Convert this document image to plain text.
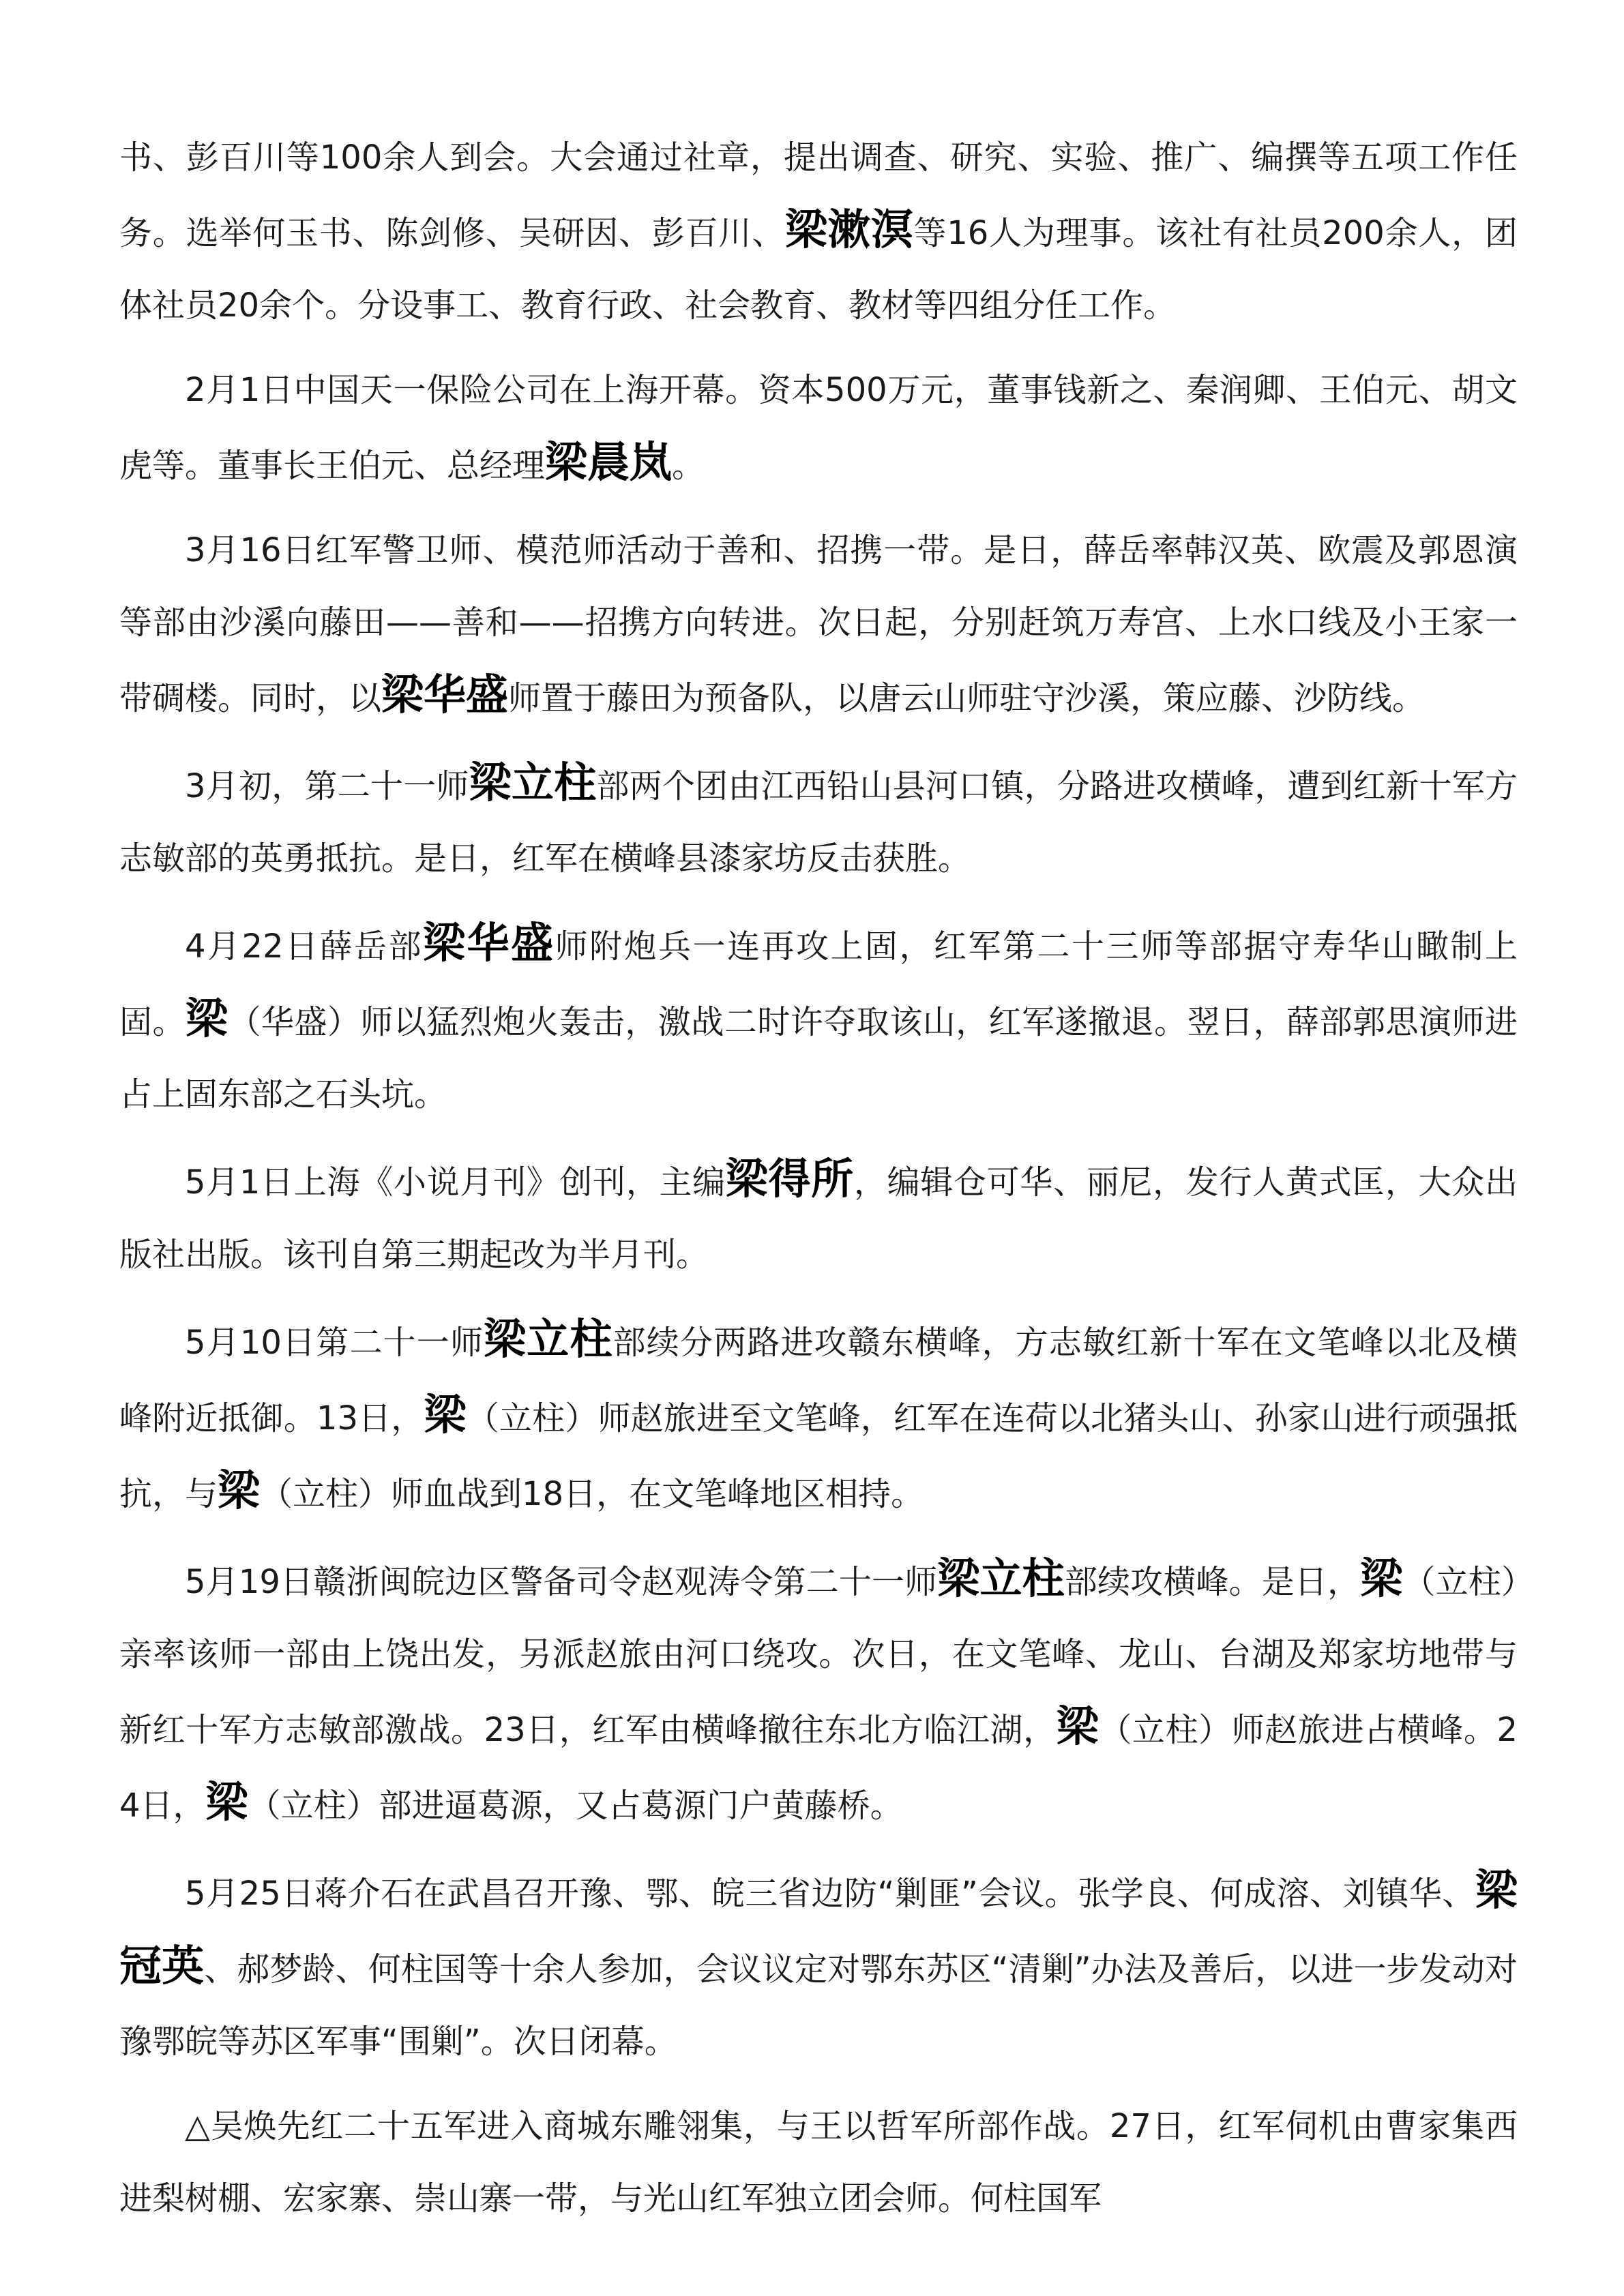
书、彭百川等100余人到会。大会通过社章，提出调查、研究、实验、推广、编撰等五项工作任务。选举何玉书、陈剑修、吴研因、彭百川、梁漱溟等16人为理事。该社有社员200余人，团体社员20余个。分设事工、教育行政、社会教育、教材等四组分任工作。

2月1日中国天一保险公司在上海开幕。资本500万元，董事钱新之、秦润卿、王伯元、胡文虎等。董事长王伯元、总经理梁晨岚。

3月16日红军警卫师、模范师活动于善和、招携一带。是日，薛岳率韩汉英、欧震及郭恩演等部由沙溪向藤田——善和——招携方向转进。次日起，分别赶筑万寿宫、上水口线及小王家一带碉楼。同时，以梁华盛师置于藤田为预备队，以唐云山师驻守沙溪，策应藤、沙防线。

3月初，第二十一师梁立柱部两个团由江西铅山县河口镇，分路进攻横峰，遭到红新十军方志敏部的英勇抵抗。是日，红军在横峰县漆家坊反击获胜。

4月22日薛岳部梁华盛师附炮兵一连再攻上固，红军第二十三师等部据守寿华山瞰制上固。梁（华盛）师以猛烈炮火轰击，激战二时许夺取该山，红军遂撤退。翌日，薛部郭思演师进占上固东部之石头坑。

5月1日上海《小说月刊》创刊，主编梁得所，编辑仓可华、丽尼，发行人黄式匡，大众出版社出版。该刊自第三期起改为半月刊。

5月10日第二十一师梁立柱部续分两路进攻赣东横峰，方志敏红新十军在文笔峰以北及横峰附近抵御。13日，梁（立柱）师赵旅进至文笔峰，红军在连荷以北猪头山、孙家山进行顽强抵抗，与梁（立柱）师血战到18日，在文笔峰地区相持。

5月19日赣浙闽皖边区警备司令赵观涛令第二十一师梁立柱部续攻横峰。是日，梁（立柱）亲率该师一部由上饶出发，另派赵旅由河口绕攻。次日，在文笔峰、龙山、台湖及郑家坊地带与新红十军方志敏部激战。23日，红军由横峰撤往东北方临江湖，梁（立柱）师赵旅进占横峰。24日，梁（立柱）部进逼葛源，又占葛源门户黄藤桥。

5月25日蒋介石在武昌召开豫、鄂、皖三省边防“剿匪”会议。张学良、何成溶、刘镇华、梁冠英、郝梦龄、何柱国等十余人参加，会议议定对鄂东苏区“清剿”办法及善后，以进一步发动对豫鄂皖等苏区军事“围剿”。次日闭幕。

△吴焕先红二十五军进入商城东雕翎集，与王以哲军所部作战。27日，红军伺机由曹家集西进梨树棚、宏家寨、崇山寨一带，与光山红军独立团会师。何柱国军
